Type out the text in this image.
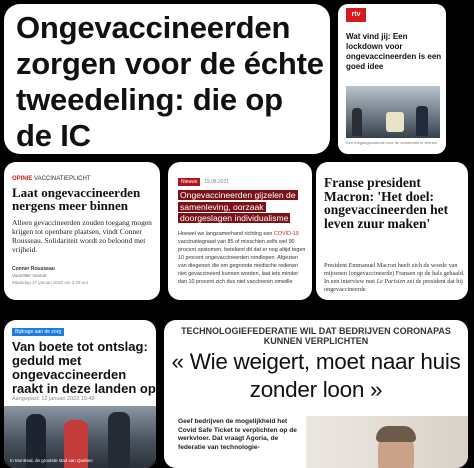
Ongevaccineerden zorgen voor de échte tweedeling: die op de IC
rtv
Wat vind jij: Een lockdown voor ongevaccineerden is een goed idee
Een toegangscontrole voor de kerstmarkt in Wenen
OPINIE VACCINATIEPLICHT
Laat ongevaccineerden nergens meer binnen
Alleen gevaccineerden zouden toegang mogen krijgen tot openbare plaatsen, vindt Conner Rousseau. Solidariteit wordt zo beloond met vrijheid.
Conner Rousseau
Voorzitter Vooruit
Maandag 17 januari 2022 om 3.25 uur
Nieuws	19.08.2021
Ongevaccineerden gijzelen de samenleving, oorzaak doorgeslagen individualisme
Hoewel we langzamerhand richting een COVID-19 vaccinatiegraad van 85 of misschien zelfs wel 90 procent opstomen, betekent dit dat er nog altijd tegen 10 procent ongevaccineerden rondlopen. Afgezien van diegenen die om gegronde medische redenen niet gevaccineerd kunnen worden, laat iets minder dan 10 procent zich dus niet vaccineren omwille
Franse president Macron: 'Het doel: ongevaccineerden het leven zuur maken'
President Emmanuel Macron heeft zich de woede van mijoenen (ongevaccineerde) Fransen op de hals gehaald. In een interview met Le Parisien zei de president dat hij ongevaccineerde
Bijdrage aan de zorg
Van boete tot ontslag: geduld met ongevaccineerden raakt in deze landen op
Aangepast: 12 januari 2022 15:48
In Montreal, de grootste stad van Quebec
TECHNOLOGIEFEDERATIE WIL DAT BEDRIJVEN CORONAPAS KUNNEN VERPLICHTEN
« Wie weigert, moet naar huis zonder loon »
Geef bedrijven de mogelijkheid het Covid Safe Ticket te verplichten op de werkvloer. Dat vraagt Agoria, de federatie van technologie-
